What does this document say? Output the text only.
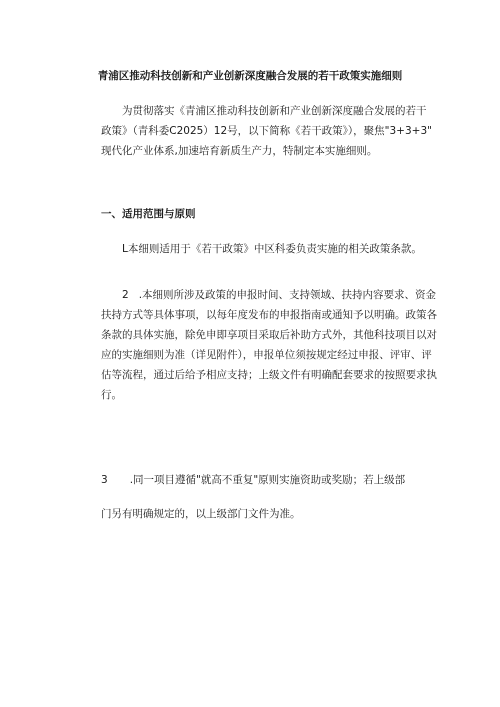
青浦区推动科技创新和产业创新深度融合发展的若干政策实施细则

为贯彻落实《青浦区推动科技创新和产业创新深度融合发展的若干
政策》（青科委C2025）12号，以下简称《若干政策》），聚焦"3+3+3"
现代化产业体系,加速培育新质生产力，特制定本实施细则。

一、适用范围与原则

L本细则适用于《若干政策》中区科委负责实施的相关政策条款。

2 .本细则所涉及政策的申报时间、支持领域、扶持内容要求、资金
扶持方式等具体事项，以每年度发布的申报指南或通知予以明确。政策各
条款的具体实施，除免申即享项目采取后补助方式外，其他科技项目以对
应的实施细则为准（详见附件），申报单位须按规定经过申报、评审、评
估等流程，通过后给予相应支持；上级文件有明确配套要求的按照要求执
行。

3 .同一项目遵循"就高不重复"原则实施资助或奖励；若上级部
门另有明确规定的，以上级部门文件为准。
